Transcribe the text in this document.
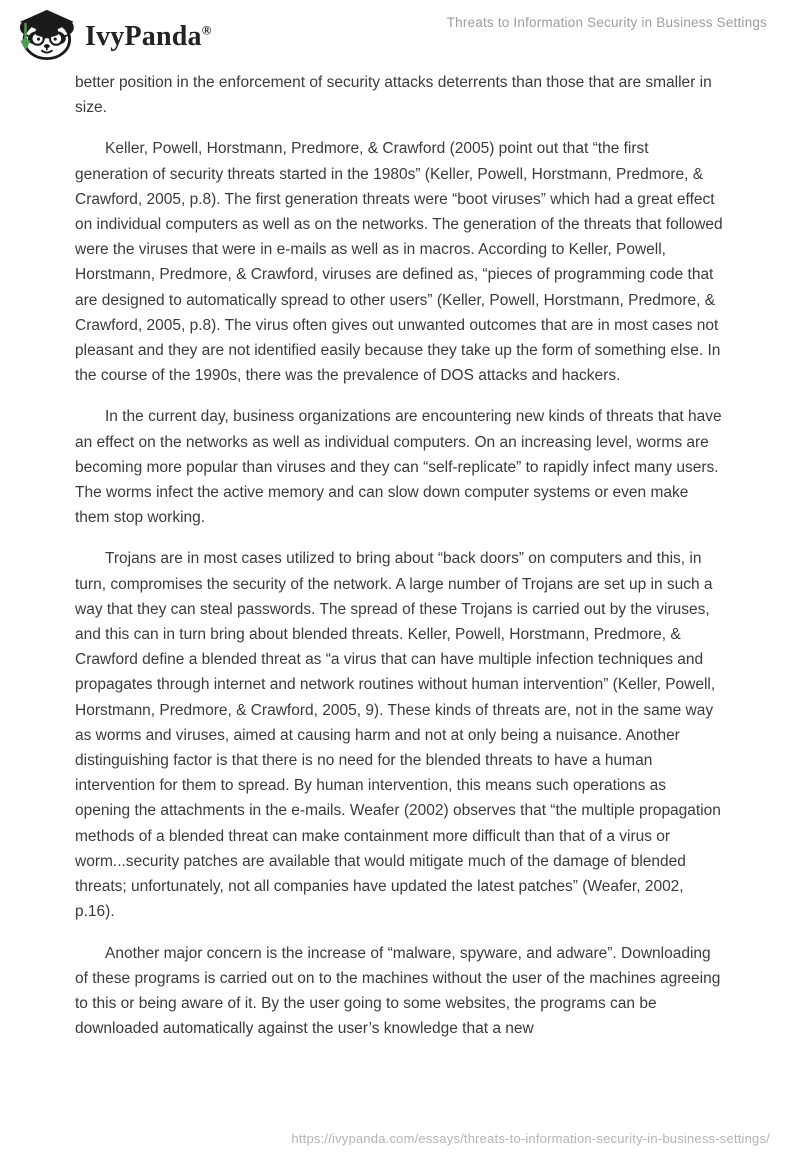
IvyPanda®
Threats to Information Security in Business Settings

better position in the enforcement of security attacks deterrents than those that are smaller in size.

Keller, Powell, Horstmann, Predmore, & Crawford (2005) point out that “the first generation of security threats started in the 1980s” (Keller, Powell, Horstmann, Predmore, & Crawford, 2005, p.8). The first generation threats were “boot viruses” which had a great effect on individual computers as well as on the networks. The generation of the threats that followed were the viruses that were in e-mails as well as in macros. According to Keller, Powell, Horstmann, Predmore, & Crawford, viruses are defined as, “pieces of programming code that are designed to automatically spread to other users” (Keller, Powell, Horstmann, Predmore, & Crawford, 2005, p.8). The virus often gives out unwanted outcomes that are in most cases not pleasant and they are not identified easily because they take up the form of something else. In the course of the 1990s, there was the prevalence of DOS attacks and hackers.

In the current day, business organizations are encountering new kinds of threats that have an effect on the networks as well as individual computers. On an increasing level, worms are becoming more popular than viruses and they can “self-replicate” to rapidly infect many users. The worms infect the active memory and can slow down computer systems or even make them stop working.

Trojans are in most cases utilized to bring about “back doors” on computers and this, in turn, compromises the security of the network. A large number of Trojans are set up in such a way that they can steal passwords. The spread of these Trojans is carried out by the viruses, and this can in turn bring about blended threats. Keller, Powell, Horstmann, Predmore, & Crawford define a blended threat as “a virus that can have multiple infection techniques and propagates through internet and network routines without human intervention” (Keller, Powell, Horstmann, Predmore, & Crawford, 2005, 9). These kinds of threats are, not in the same way as worms and viruses, aimed at causing harm and not at only being a nuisance. Another distinguishing factor is that there is no need for the blended threats to have a human intervention for them to spread. By human intervention, this means such operations as opening the attachments in the e-mails. Weafer (2002) observes that “the multiple propagation methods of a blended threat can make containment more difficult than that of a virus or worm...security patches are available that would mitigate much of the damage of blended threats; unfortunately, not all companies have updated the latest patches” (Weafer, 2002, p.16).

Another major concern is the increase of “malware, spyware, and adware”. Downloading of these programs is carried out on to the machines without the user of the machines agreeing to this or being aware of it. By the user going to some websites, the programs can be downloaded automatically against the user’s knowledge that a new

https://ivypanda.com/essays/threats-to-information-security-in-business-settings/
